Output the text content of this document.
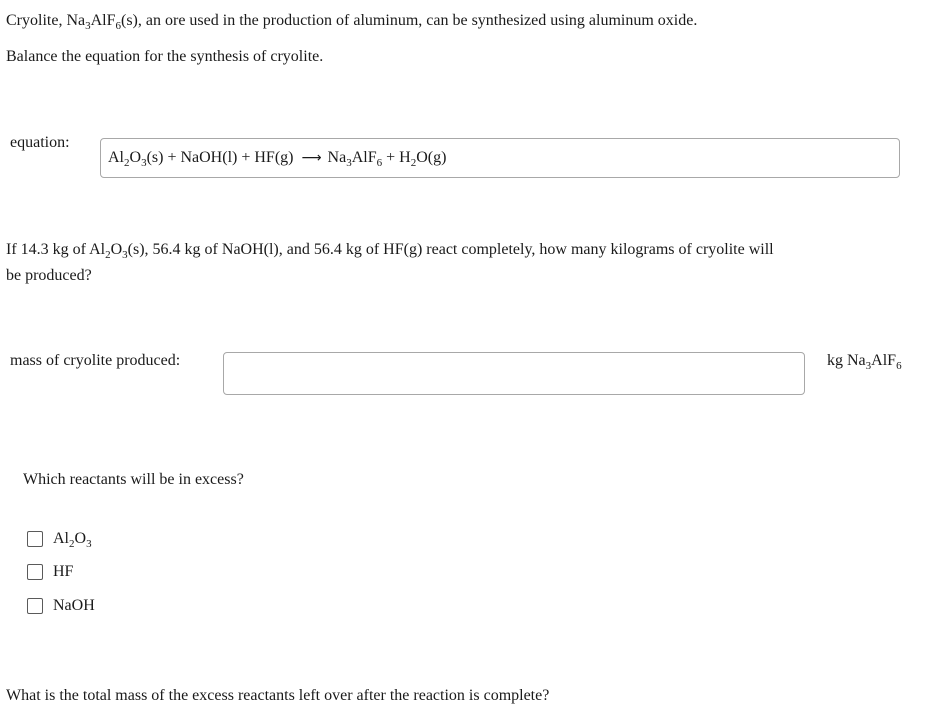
Cryolite, $Na_3AlF_6(s)$, an ore used in the production of aluminum, can be synthesized using aluminum oxide.
Balance the equation for the synthesis of cryolite.
equation:
$Al_2O_3(s)$ + NaOH(l) + HF(g) ⟶ $Na_3AlF_6 + H_2O(g)$
If 14.3 kg of $Al_2O_3(s)$, 56.4 kg of NaOH(l), and 56.4 kg of HF(g) react completely, how many kilograms of cryolite will
be produced?
mass of cryolite produced:	kg $Na_3AlF_6$
Which reactants will be in excess?
$Al_2O_3$
HF
NaOH
What is the total mass of the excess reactants left over after the reaction is complete?
